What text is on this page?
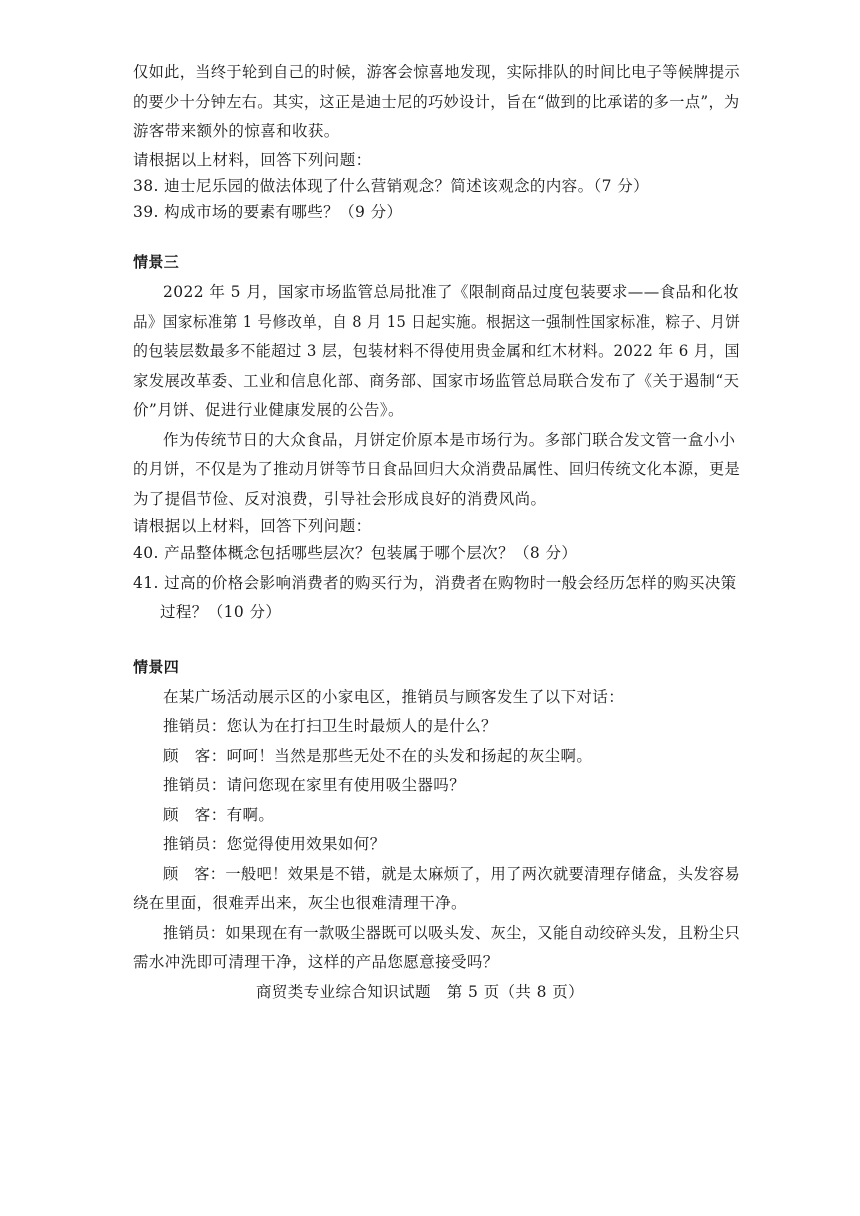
仅如此，当终于轮到自己的时候，游客会惊喜地发现，实际排队的时间比电子等候牌提示
的要少十分钟左右。其实，这正是迪士尼的巧妙设计，旨在“做到的比承诺的多一点”，为
游客带来额外的惊喜和收获。
请根据以上材料，回答下列问题：
38. 迪士尼乐园的做法体现了什么营销观念？简述该观念的内容。（7 分）
39. 构成市场的要素有哪些？（9 分）
情景三
2022 年 5 月，国家市场监管总局批准了《限制商品过度包装要求——食品和化妆
品》国家标准第 1 号修改单，自 8 月 15 日起实施。根据这一强制性国家标准，粽子、月饼
的包装层数最多不能超过 3 层，包装材料不得使用贵金属和红木材料。2022 年 6 月，国
家发展改革委、工业和信息化部、商务部、国家市场监管总局联合发布了《关于遏制“天
价”月饼、促进行业健康发展的公告》。
作为传统节日的大众食品，月饼定价原本是市场行为。多部门联合发文管一盒小小
的月饼，不仅是为了推动月饼等节日食品回归大众消费品属性、回归传统文化本源，更是
为了提倡节俭、反对浪费，引导社会形成良好的消费风尚。
请根据以上材料，回答下列问题：
40. 产品整体概念包括哪些层次？包装属于哪个层次？（8 分）
41. 过高的价格会影响消费者的购买行为，消费者在购物时一般会经历怎样的购买决策
过程？（10 分）
情景四
在某广场活动展示区的小家电区，推销员与顾客发生了以下对话：
推销员：您认为在打扫卫生时最烦人的是什么？
顾　客：呵呵！当然是那些无处不在的头发和扬起的灰尘啊。
推销员：请问您现在家里有使用吸尘器吗？
顾　客：有啊。
推销员：您觉得使用效果如何？
顾　客：一般吧！效果是不错，就是太麻烦了，用了两次就要清理存储盒，头发容易
绕在里面，很难弄出来，灰尘也很难清理干净。
推销员：如果现在有一款吸尘器既可以吸头发、灰尘，又能自动绞碎头发，且粉尘只
需水冲洗即可清理干净，这样的产品您愿意接受吗？
商贸类专业综合知识试题　第 5 页（共 8 页）
